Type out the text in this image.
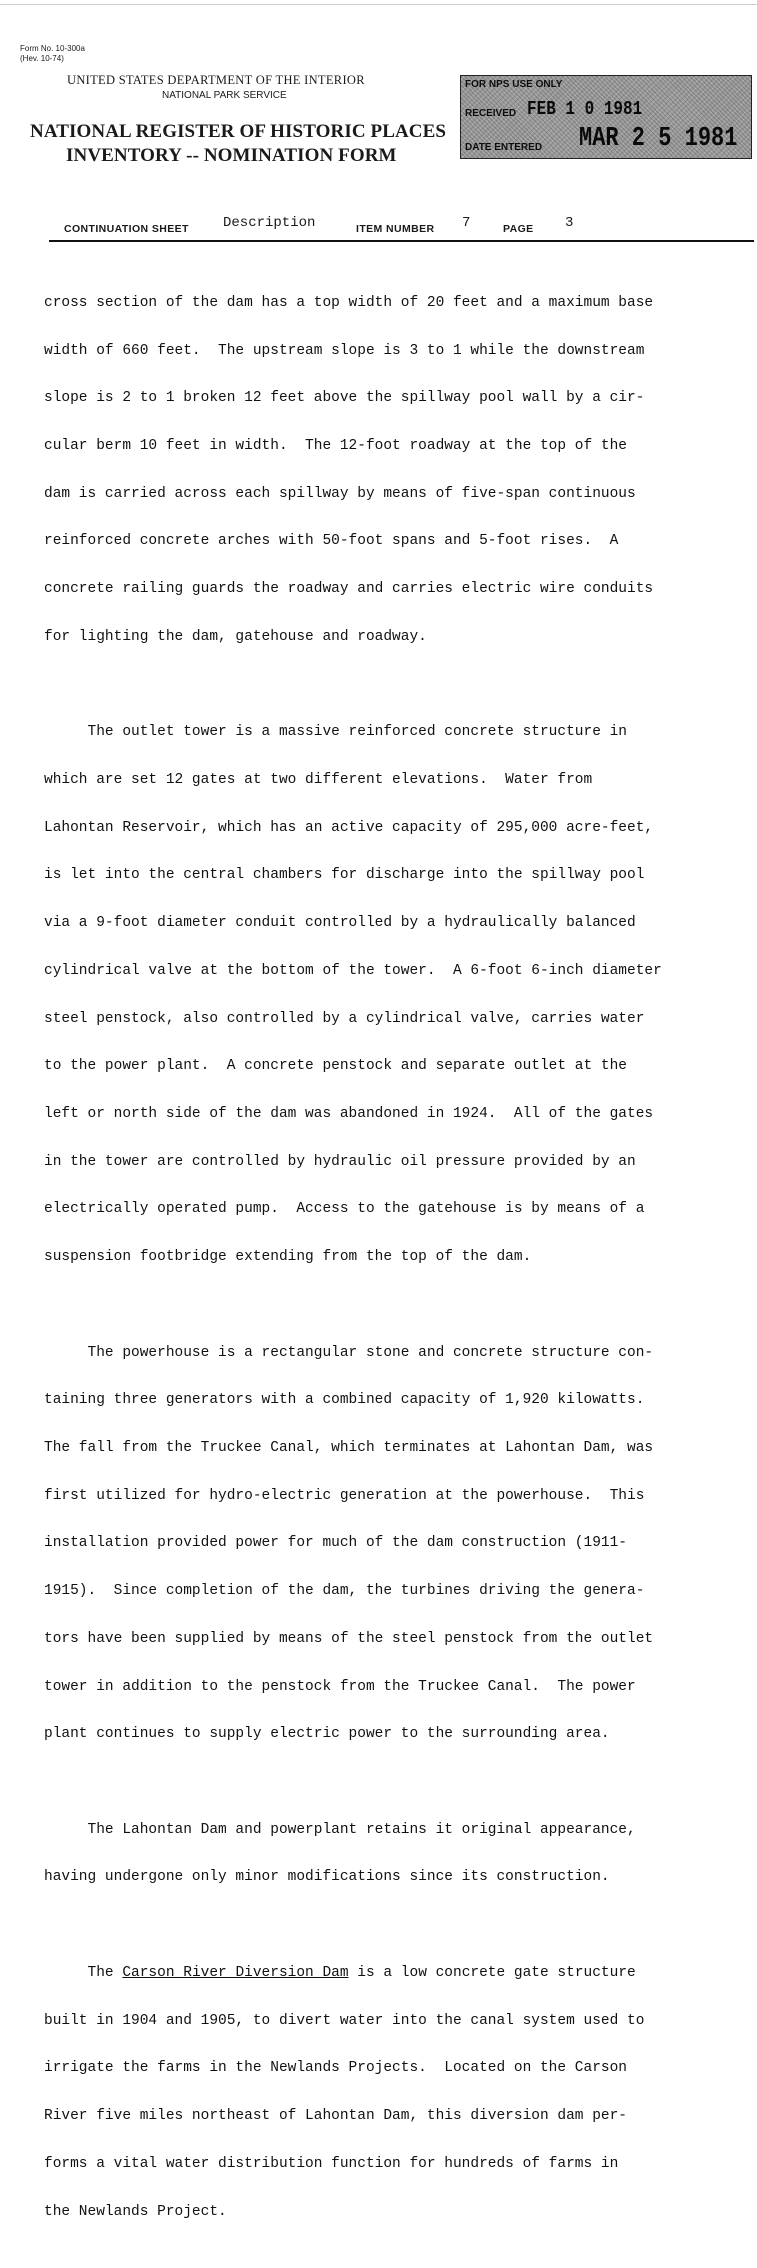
Form No. 10-300a
(Hev. 10-74)
UNITED STATES DEPARTMENT OF THE INTERIOR
NATIONAL PARK SERVICE
NATIONAL REGISTER OF HISTORIC PLACES
INVENTORY -- NOMINATION FORM
FOR NPS USE ONLY
RECEIVED FEB 1 0 1981
MAR 2 5 1981
DATE ENTERED
CONTINUATION SHEET Description	ITEM NUMBER 7	PAGE 3

cross section of the dam has a top width of 20 feet and a maximum base

width of 660 feet.  The upstream slope is 3 to 1 while the downstream

slope is 2 to 1 broken 12 feet above the spillway pool wall by a cir-

cular berm 10 feet in width.  The 12-foot roadway at the top of the

dam is carried across each spillway by means of five-span continuous

reinforced concrete arches with 50-foot spans and 5-foot rises.  A

concrete railing guards the roadway and carries electric wire conduits

for lighting the dam, gatehouse and roadway.

The outlet tower is a massive reinforced concrete structure in

which are set 12 gates at two different elevations.  Water from

Lahontan Reservoir, which has an active capacity of 295,000 acre-feet,

is let into the central chambers for discharge into the spillway pool

via a 9-foot diameter conduit controlled by a hydraulically balanced

cylindrical valve at the bottom of the tower.  A 6-foot 6-inch diameter

steel penstock, also controlled by a cylindrical valve, carries water

to the power plant.  A concrete penstock and separate outlet at the

left or north side of the dam was abandoned in 1924.  All of the gates

in the tower are controlled by hydraulic oil pressure provided by an

electrically operated pump.  Access to the gatehouse is by means of a

suspension footbridge extending from the top of the dam.

The powerhouse is a rectangular stone and concrete structure con-

taining three generators with a combined capacity of 1,920 kilowatts.

The fall from the Truckee Canal, which terminates at Lahontan Dam, was

first utilized for hydro-electric generation at the powerhouse.  This

installation provided power for much of the dam construction (1911-

1915).  Since completion of the dam, the turbines driving the genera-

tors have been supplied by means of the steel penstock from the outlet

tower in addition to the penstock from the Truckee Canal.  The power

plant continues to supply electric power to the surrounding area.

The Lahontan Dam and powerplant retains it original appearance,

having undergone only minor modifications since its construction.

The Carson River Diversion Dam is a low concrete gate structure

built in 1904 and 1905, to divert water into the canal system used to

irrigate the farms in the Newlands Projects.  Located on the Carson

River five miles northeast of Lahontan Dam, this diversion dam per-

forms a vital water distribution function for hundreds of farms in

the Newlands Project.
